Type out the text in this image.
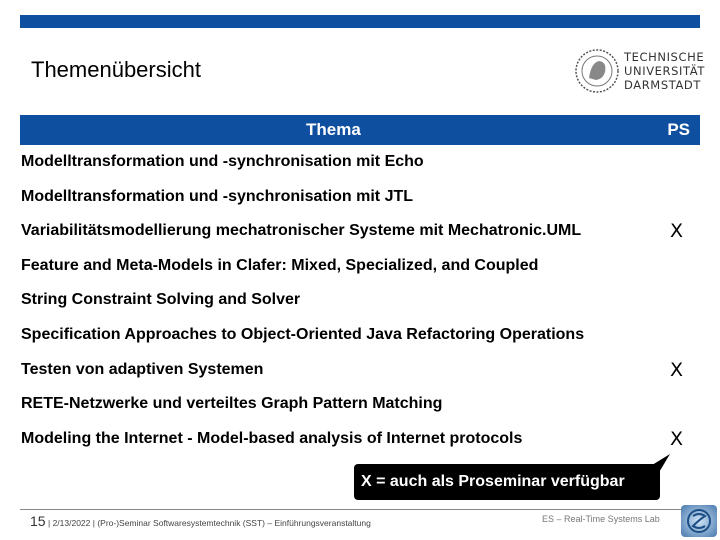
Themenübersicht	TECHNISCHE
UNIVERSITÄT
DARMSTADT
Thema	PS
Modelltransformation und -synchronisation mit Echo
Modelltransformation und -synchronisation mit JTL
Variabilitätsmodellierung mechatronischer Systeme mit Mechatronic.UML	X
Feature and Meta-Models in Clafer: Mixed, Specialized, and Coupled
String Constraint Solving and Solver
Specification Approaches to Object-Oriented Java Refactoring Operations
Testen von adaptiven Systemen	X
RETE-Netzwerke und verteiltes Graph Pattern Matching
Modeling the Internet - Model-based analysis of Internet protocols	X
X = auch als Proseminar verfügbar
15 | 2/13/2022 | (Pro-)Seminar Softwaresystemtechnik (SST) – Einführungsveranstaltung	ES – Real-Time Systems Lab
